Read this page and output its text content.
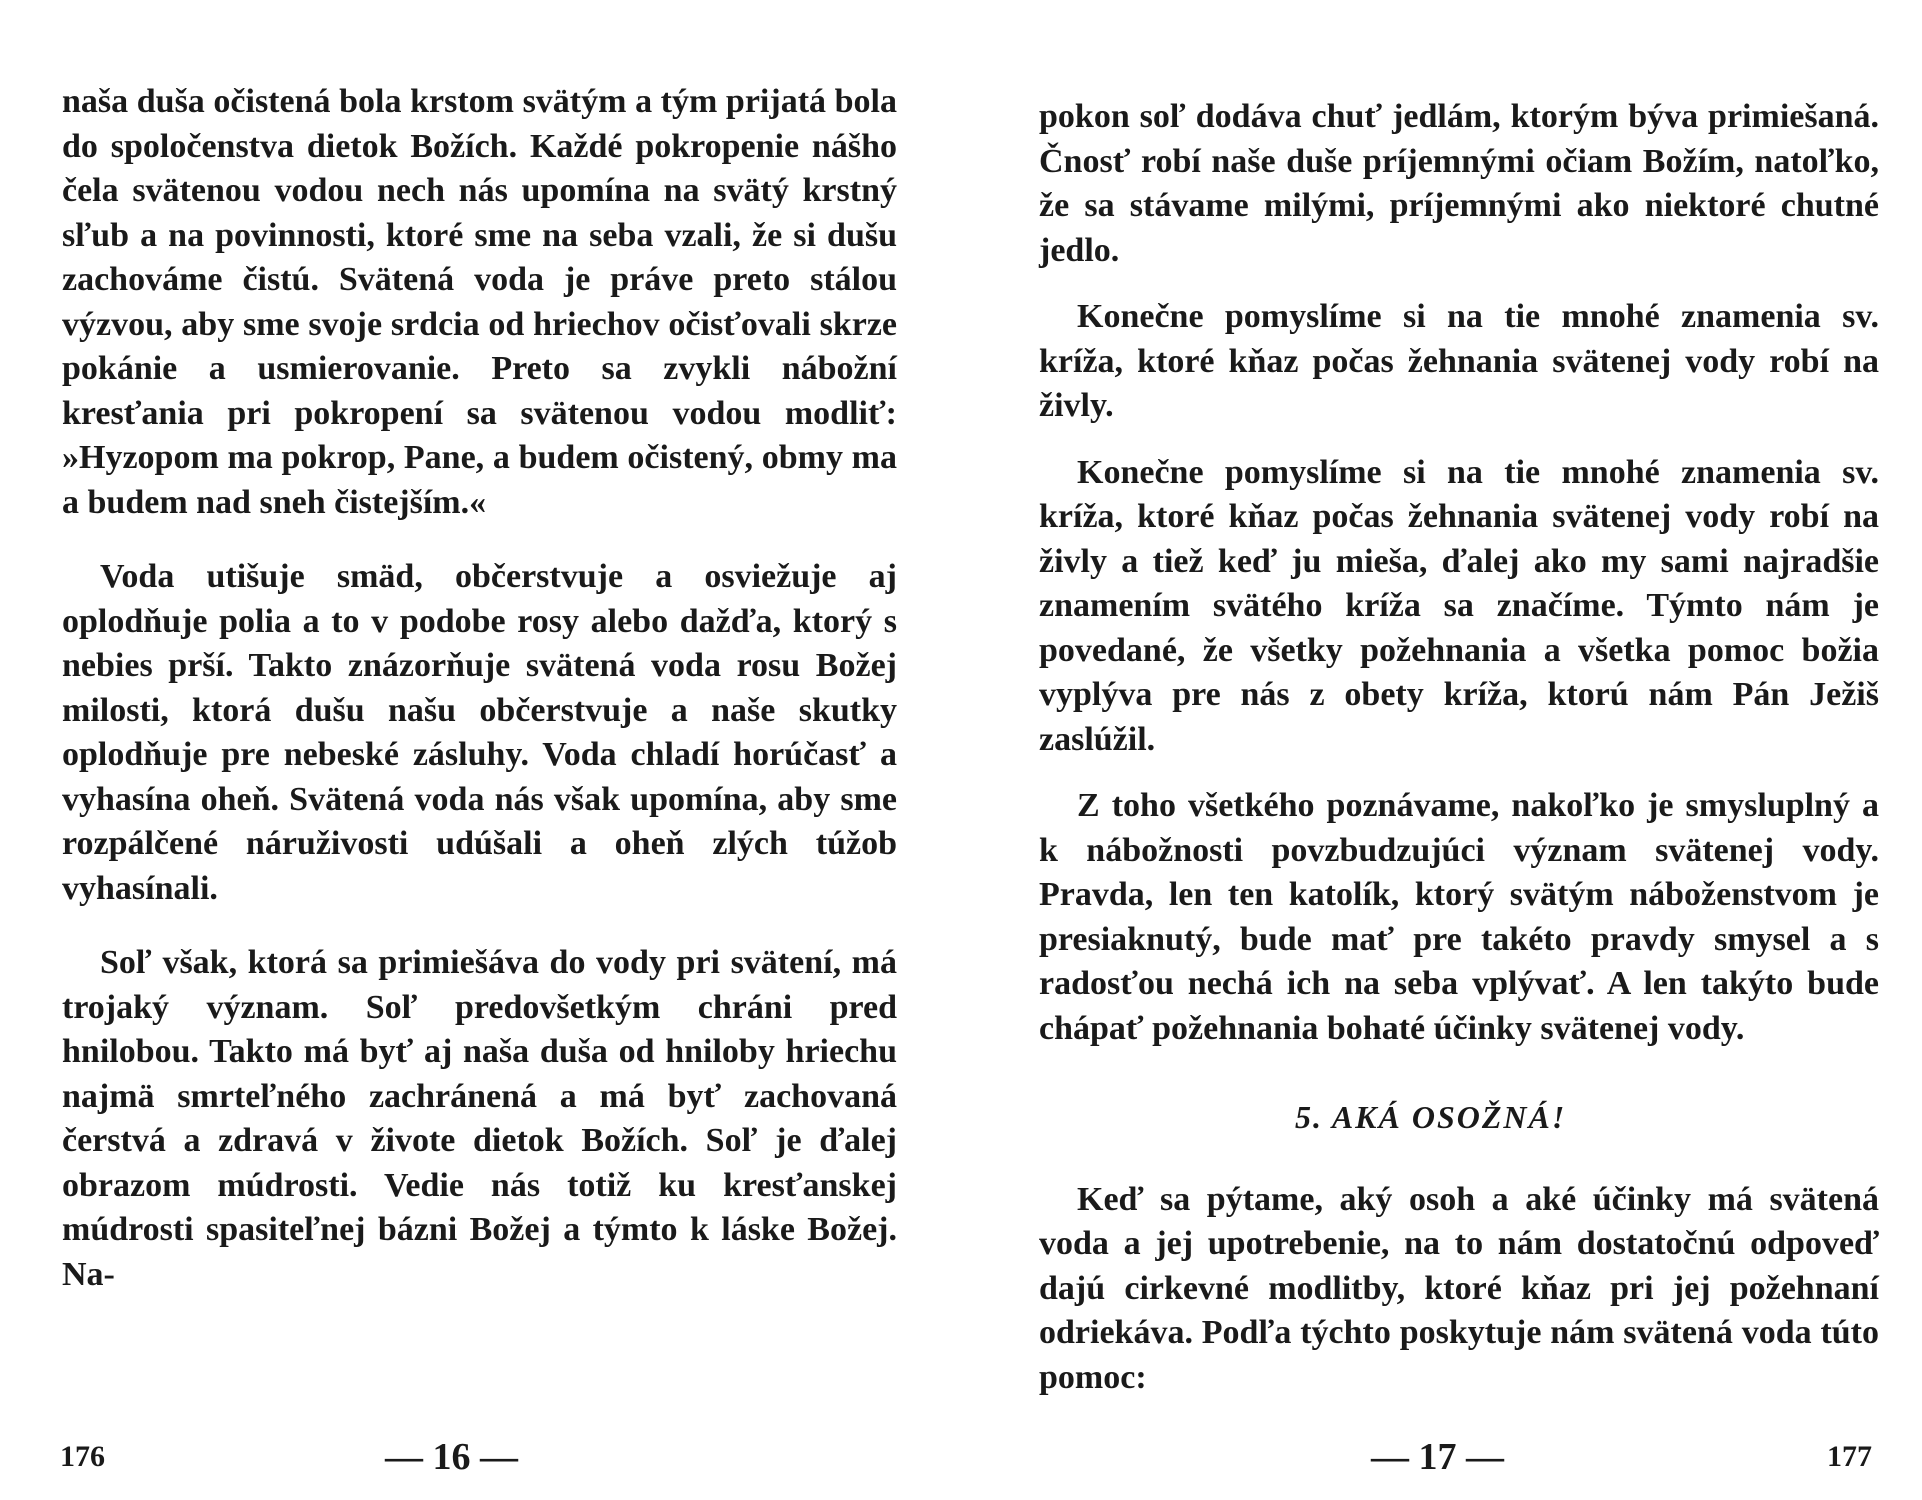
naša duša očistená bola krstom svätým a tým prijatá bola do spoločenstva dietok Božích. Každé pokropenie nášho čela svätenou vodou nech nás upomína na svätý krstný sľub a na povinnosti, ktoré sme na seba vzali, že si dušu zachováme čistú. Svätená voda je práve preto stálou výzvou, aby sme svoje srdcia od hriechov očisťovali skrze pokánie a usmierovanie. Preto sa zvykli nábožní kresťania pri pokropení sa svätenou vodou modliť: »Hyzopom ma pokrop, Pane, a budem očistený, obmy ma a budem nad sneh čistejším.«

Voda utišuje smäd, občerstvuje a osviežuje aj oplodňuje polia a to v podobe rosy alebo dažďa, ktorý s nebies prší. Takto znázorňuje svätená voda rosu Božej milosti, ktorá dušu našu občerstvuje a naše skutky oplodňuje pre nebeské zásluhy. Voda chladí horúčasť a vyhasína oheň. Svätená voda nás však upomína, aby sme rozpálčené náruživosti udúšali a oheň zlých túžob vyhasínali.

Soľ však, ktorá sa primiešáva do vody pri svätení, má trojaký význam. Soľ predovšetkým chráni pred hnilobou. Takto má byť aj naša duša od hniloby hriechu najmä smrteľného zachránená a má byť zachovaná čerstvá a zdravá v živote dietok Božích. Soľ je ďalej obrazom múdrosti. Vedie nás totiž ku kresťanskej múdrosti spasiteľnej bázni Božej a týmto k láske Božej. Na-

176	— 16 —

pokon soľ dodáva chuť jedlám, ktorým býva primiešaná. Čnosť robí naše duše príjemnými očiam Božím, natoľko, že sa stávame milými, príjemnými ako niektoré chutné jedlo.

Konečne pomyslíme si na tie mnohé znamenia sv. kríža, ktoré kňaz počas žehnania svätenej vody robí na živly.

Konečne pomyslíme si na tie mnohé znamenia sv. kríža, ktoré kňaz počas žehnania svätenej vody robí na živly a tiež keď ju mieša, ďalej ako my sami najradšie znamením svätého kríža sa značíme. Týmto nám je povedané, že všetky požehnania a všetka pomoc božia vyplýva pre nás z obety kríža, ktorú nám Pán Ježiš zaslúžil.

Z toho všetkého poznávame, nakoľko je smysluplný a k nábožnosti povzbudzujúci význam svätenej vody. Pravda, len ten katolík, ktorý svätým náboženstvom je presiaknutý, bude mať pre takéto pravdy smysel a s radosťou nechá ich na seba vplývať. A len takýto bude chápať požehnania bohaté účinky svätenej vody.

5. AKÁ OSOŽNÁ!

Keď sa pýtame, aký osoh a aké účinky má svätená voda a jej upotrebenie, na to nám dostatočnú odpoveď dajú cirkevné modlitby, ktoré kňaz pri jej požehnaní odriekáva. Podľa týchto poskytuje nám svätená voda túto pomoc:

— 17 —	177
